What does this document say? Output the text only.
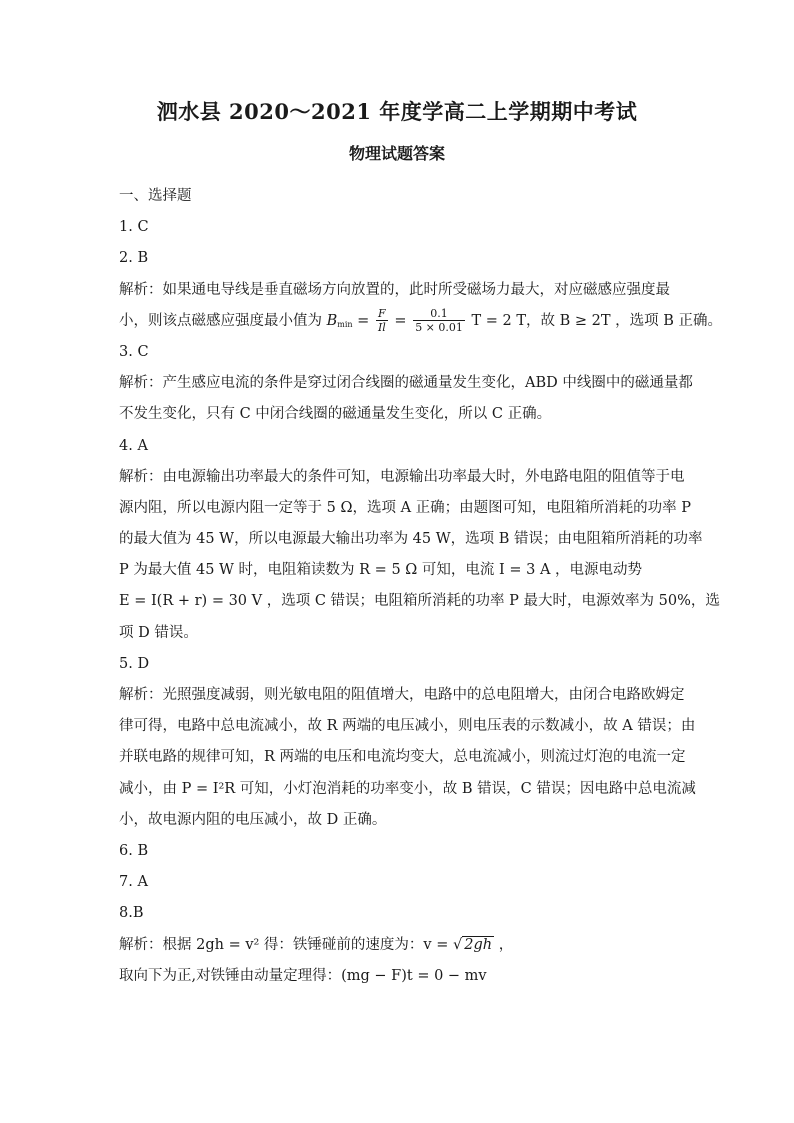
泗水县 2020～2021 年度学高二上学期期中考试
物理试题答案
一、选择题
1. C
2. B
解析：如果通电导线是垂直磁场方向放置的，此时所受磁场力最大，对应磁感应强度最
小，则该点磁感应强度最小值为 $B_{min} = \frac{F}{Il} = \frac{0.1}{5 \times 0.01}$ T = 2 T，故 B ≥ 2T ，选项 B 正确。
3. C
解析：产生感应电流的条件是穿过闭合线圈的磁通量发生变化，ABD 中线圈中的磁通量都
不发生变化，只有 C 中闭合线圈的磁通量发生变化，所以 C 正确。
4. A
解析：由电源输出功率最大的条件可知，电源输出功率最大时，外电路电阻的阻值等于电
源内阻，所以电源内阻一定等于 5 Ω，选项 A 正确；由题图可知，电阻箱所消耗的功率 P
的最大值为 45 W，所以电源最大输出功率为 45 W，选项 B 错误；由电阻箱所消耗的功率
P 为最大值 45 W 时，电阻箱读数为 R = 5 Ω 可知，电流 I = 3 A ，电源电动势
E = I(R + r) = 30 V ，选项 C 错误；电阻箱所消耗的功率 P 最大时，电源效率为 50%，选
项 D 错误。
5. D
解析：光照强度减弱，则光敏电阻的阻值增大，电路中的总电阻增大，由闭合电路欧姆定
律可得，电路中总电流减小，故 R 两端的电压减小，则电压表的示数减小，故 A 错误；由
并联电路的规律可知，R 两端的电压和电流均变大，总电流减小，则流过灯泡的电流一定
减小，由 P = I²R 可知，小灯泡消耗的功率变小，故 B 错误，C 错误；因电路中总电流减
小，故电源内阻的电压减小，故 D 正确。
6. B
7. A
8.B
解析：根据 2gh = v² 得：铁锤碰前的速度为：v = √ 2gh ，
取向下为正,对铁锤由动量定理得：(mg − F)t = 0 − mv
